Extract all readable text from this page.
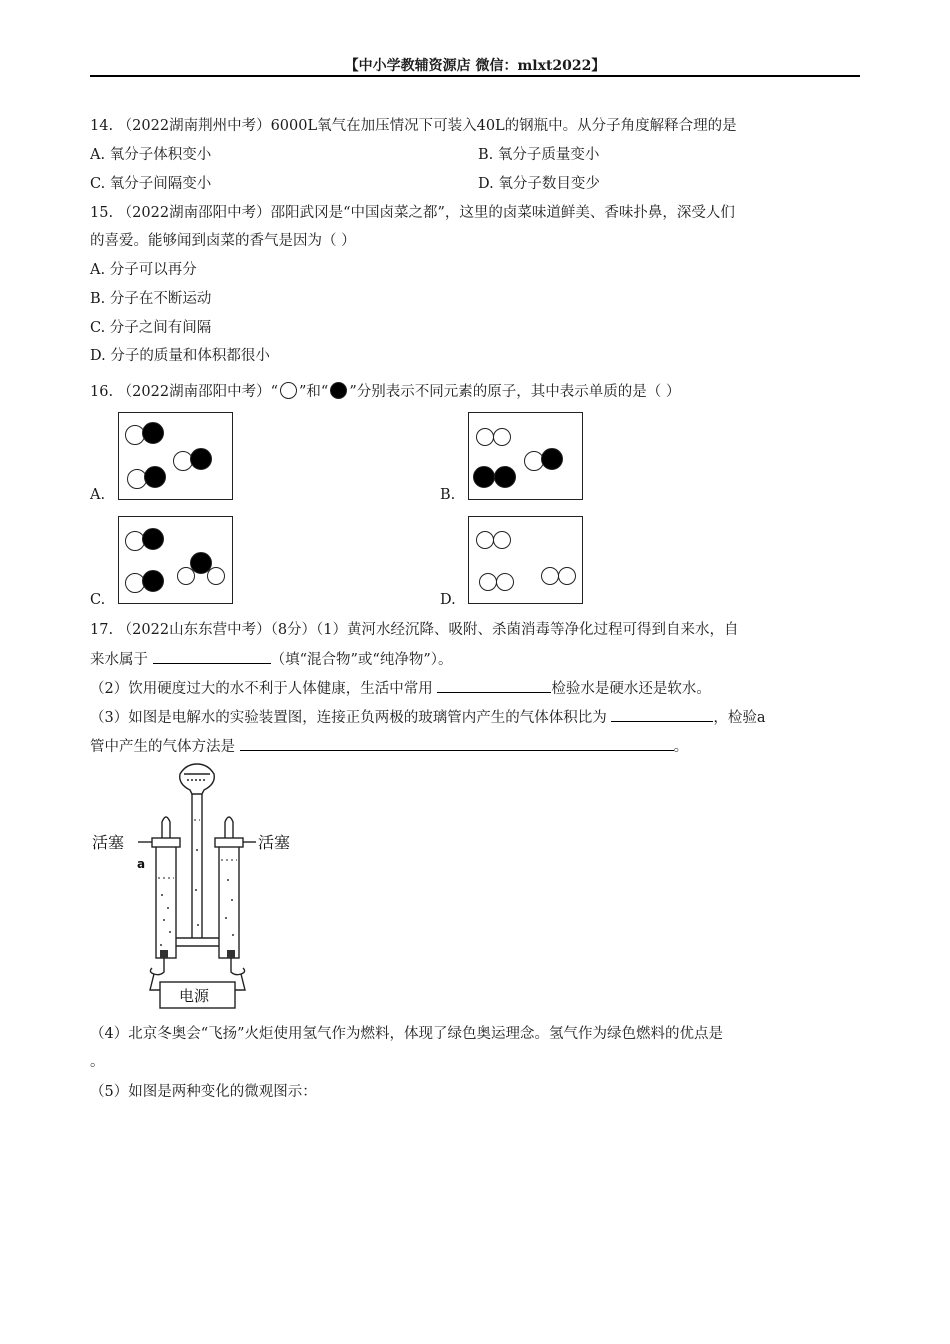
【中小学教辅资源店 微信：mlxt2022】
14. （2022湖南荆州中考）6000L氧气在加压情况下可装入40L的钢瓶中。从分子角度解释合理的是
A. 氧分子体积变小	B. 氧分子质量变小
C. 氧分子间隔变小	D. 氧分子数目变少
15. （2022湖南邵阳中考）邵阳武冈是“中国卤菜之都”，这里的卤菜味道鲜美、香味扑鼻，深受人们
的喜爱。能够闻到卤菜的香气是因为（ ）
A. 分子可以再分
B. 分子在不断运动
C. 分子之间有间隔
D. 分子的质量和体积都很小
16. （2022湖南邵阳中考）“ ”和“ ”分别表示不同元素的原子，其中表示单质的是（ ）
A.	B.
C.	D.
17. （2022山东东营中考）（8分）（1）黄河水经沉降、吸附、杀菌消毒等净化过程可得到自来水，自
来水属于	（填“混合物”或“纯净物”）。
（2）饮用硬度过大的水不利于人体健康，生活中常用	检验水是硬水还是软水。
（3）如图是电解水的实验装置图，连接正负两极的玻璃管内产生的气体体积比为	，检验a
管中产生的气体方法是	。
活塞	活塞
a
电源
（4）北京冬奥会“飞扬”火炬使用氢气作为燃料，体现了绿色奥运理念。氢气作为绿色燃料的优点是
。
（5）如图是两种变化的微观图示：
